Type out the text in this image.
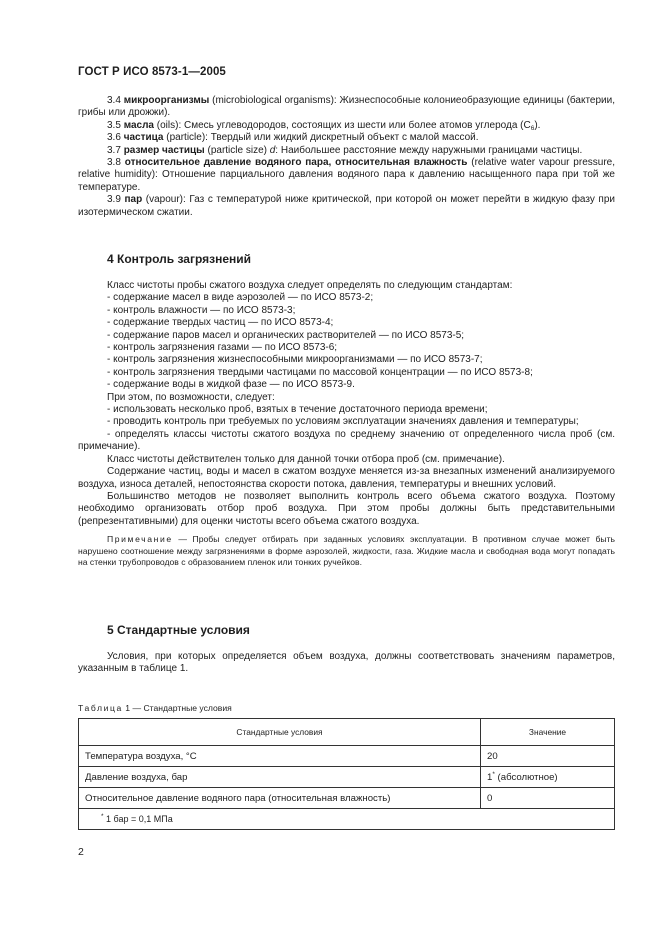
ГОСТ Р ИСО 8573-1—2005

3.4 микроорганизмы (microbiological organisms): Жизнеспособные колониеобразующие единицы (бактерии, грибы или дрожжи).

3.5 масла (oils): Смесь углеводородов, состоящих из шести или более атомов углерода $(C_6)$.

3.6 частица (particle): Твердый или жидкий дискретный объект с малой массой.

3.7 размер частицы (particle size) d: Наибольшее расстояние между наружными границами частицы.

3.8 относительное давление водяного пара, относительная влажность (relative water vapour pressure, relative humidity): Отношение парциального давления водяного пара к давлению насыщенного пара при той же температуре.

3.9 пар (vapour): Газ с температурой ниже критической, при которой он может перейти в жидкую фазу при изотермическом сжатии.

4 Контроль загрязнений

Класс чистоты пробы сжатого воздуха следует определять по следующим стандартам:

- содержание масел в виде аэрозолей — по ИСО 8573-2;

- контроль влажности — по ИСО 8573-3;

- содержание твердых частиц — по ИСО 8573-4;

- содержание паров масел и органических растворителей — по ИСО 8573-5;

- контроль загрязнения газами — по ИСО 8573-6;

- контроль загрязнения жизнеспособными микроорганизмами — по ИСО 8573-7;

- контроль загрязнения твердыми частицами по массовой концентрации — по ИСО 8573-8;

- содержание воды в жидкой фазе — по ИСО 8573-9.

При этом, по возможности, следует:

- использовать несколько проб, взятых в течение достаточного периода времени;

- проводить контроль при требуемых по условиям эксплуатации значениях давления и температуры;

- определять классы чистоты сжатого воздуха по среднему значению от определенного числа проб (см. примечание).

Класс чистоты действителен только для данной точки отбора проб (см. примечание).

Содержание частиц, воды и масел в сжатом воздухе меняется из-за внезапных изменений анализируемого воздуха, износа деталей, непостоянства скорости потока, давления, температуры и внешних условий.

Большинство методов не позволяет выполнить контроль всего объема сжатого воздуха. Поэтому необходимо организовать отбор проб воздуха. При этом пробы должны быть представительными (репрезентативными) для оценки чистоты всего объема сжатого воздуха.

Примечание — Пробы следует отбирать при заданных условиях эксплуатации. В противном случае может быть нарушено соотношение между загрязнениями в форме аэрозолей, жидкости, газа. Жидкие масла и свободная вода могут попадать на стенки трубопроводов с образованием пленок или тонких ручейков.

5 Стандартные условия

Условия, при которых определяется объем воздуха, должны соответствовать значениям параметров, указанным в таблице 1.

Таблица 1 — Стандартные условия
Стандартные условия	Значение
Температура воздуха, °С	20
Давление воздуха, бар	1* (абсолютное)
Относительное давление водяного пара (относительная влажность)	0
* 1 бар = 0,1 МПа	
2
